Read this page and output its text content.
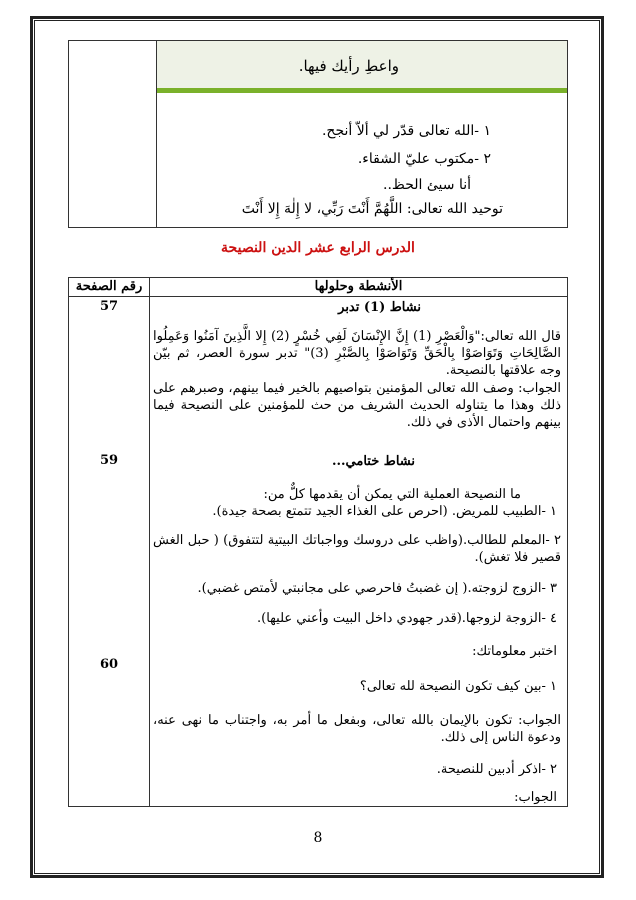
واعطِ رأيك فيها.
١ -الله تعالى قدّر لي ألاّ أنجح.
٢ -مكتوب عليّ الشقاء.
أنا سيئ الحظ..
توحيد الله تعالى: اللَّهُمَّ أَنْتَ رَبِّي، لا إِلٰهَ إِلا أَنْتَ
الدرس الرابع عشر الدين النصيحة
رقم الصفحة	الأنشطة وحلولها
57
59
60
نشاط (1) تدبر
قال الله تعالى:"وَالْعَصْرِ (1) إِنَّ الإِنْسَانَ لَفِي خُسْرٍ (2) إِلا الَّذِينَ آمَنُوا وَعَمِلُوا الصَّالِحَاتِ وَتَوَاصَوْا بِالْحَقِّ وَتَوَاصَوْا بِالصَّبْرِ (3)" تدبر سورة العصر، ثم بيّن وجه علاقتها بالنصيحة.
الجواب: وصف الله تعالى المؤمنين بتواصيهم بالخير فيما بينهم، وصبرهم على ذلك وهذا ما يتناوله الحديث الشريف من حث للمؤمنين على النصيحة فيما بينهم واحتمال الأذى في ذلك.
نشاط ختامي...
ما النصيحة العملية التي يمكن أن يقدمها كلٌّ من:
١ -الطبيب للمريض. (احرص على الغذاء الجيد تتمتع بصحة جيدة).
٢ -المعلم للطالب.(واظب على دروسك وواجباتك البيتية لتتفوق) ( حبل الغش قصير فلا تغش).
٣ -الزوج لزوجته.( إن غضبتُ فاحرصي على مجانبتي لأمتص غضبي).
٤ -الزوجة لزوجها.(قدر جهودي داخل البيت وأعني عليها).
اختبر معلوماتك:
١ -بين كيف تكون النصيحة لله تعالى؟
الجواب: تكون بالإيمان بالله تعالى، وبفعل ما أمر به، واجتناب ما نهى عنه، ودعوة الناس إلى ذلك.
٢ -اذكر أدبين للنصيحة.
الجواب:
8
